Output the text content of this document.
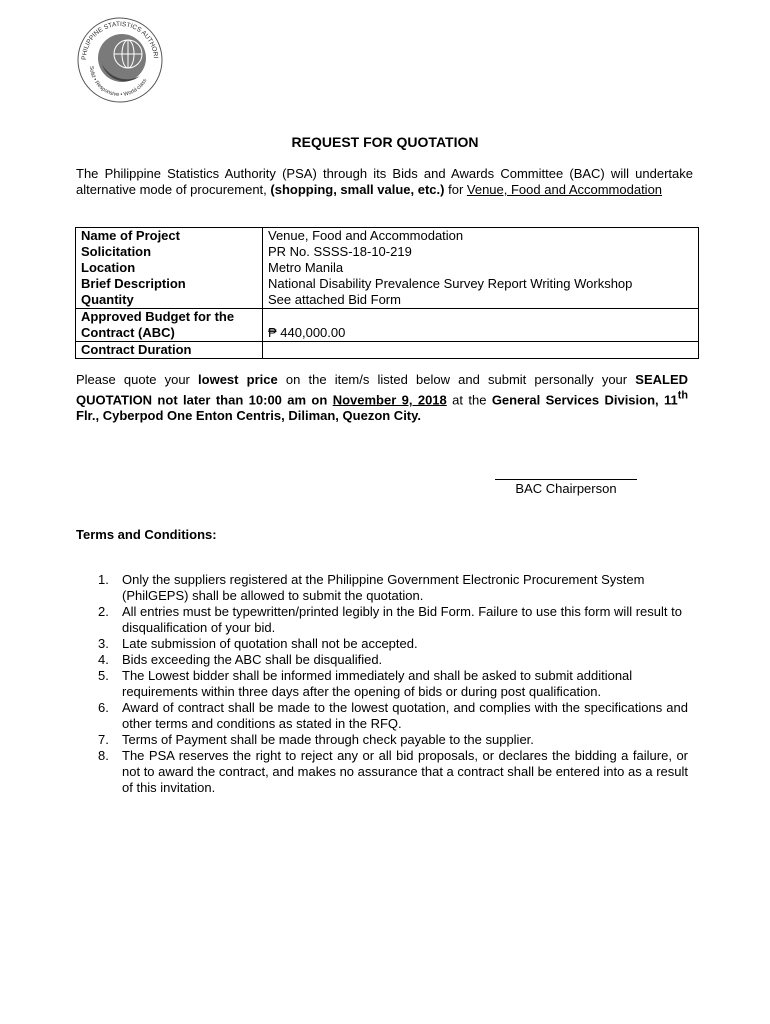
PHILIPPINE STATISTICS AUTHORI
Solid • Responsive • World-class
REQUEST FOR QUOTATION
The Philippine Statistics Authority (PSA) through its Bids and Awards Committee (BAC) will undertake alternative mode of procurement, (shopping, small value, etc.) for Venue, Food and Accommodation
Name of Project	Venue, Food and Accommodation
Solicitation	PR No. SSSS-18-10-219
Location	Metro Manila
Brief Description	National Disability Prevalence Survey Report Writing Workshop
Quantity	See attached Bid Form
Approved Budget for the Contract (ABC)	₱ 440,000.00
Contract Duration	
Please quote your lowest price on the item/s listed below and submit personally your SEALED QUOTATION not later than 10:00 am on November 9, 2018 at the General Services Division, 11th Flr., Cyberpod One Enton Centris, Diliman, Quezon City.
BAC Chairperson
Terms and Conditions:
1. Only the suppliers registered at the Philippine Government Electronic Procurement System (PhilGEPS) shall be allowed to submit the quotation.
2. All entries must be typewritten/printed legibly in the Bid Form. Failure to use this form will result to disqualification of your bid.
3. Late submission of quotation shall not be accepted.
4. Bids exceeding the ABC shall be disqualified.
5. The Lowest bidder shall be informed immediately and shall be asked to submit additional requirements within three days after the opening of bids or during post qualification.
6. Award of contract shall be made to the lowest quotation, and complies with the specifications and other terms and conditions as stated in the RFQ.
7. Terms of Payment shall be made through check payable to the supplier.
8. The PSA reserves the right to reject any or all bid proposals, or declares the bidding a failure, or not to award the contract, and makes no assurance that a contract shall be entered into as a result of this invitation.
